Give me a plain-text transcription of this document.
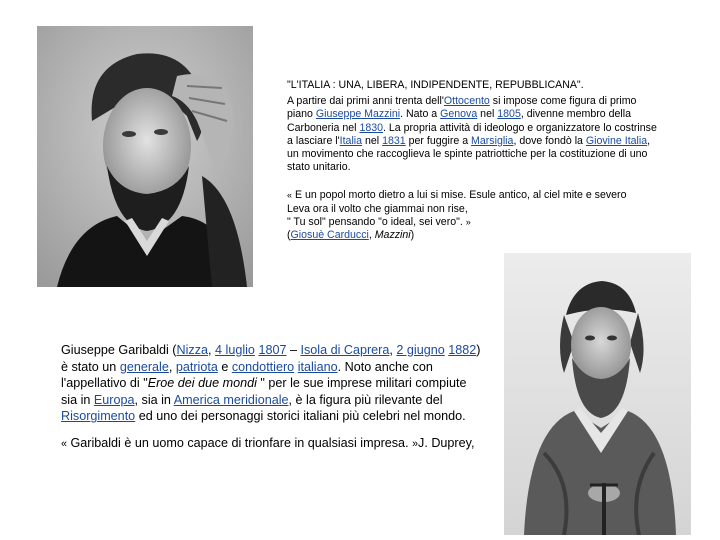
"L'ITALIA : UNA, LIBERA, INDIPENDENTE, REPUBBLICANA".

A partire dai primi anni trenta dell'Ottocento si impose come figura di primo piano Giuseppe Mazzini. Nato a Genova nel 1805, divenne membro della Carboneria nel 1830. La propria attività di ideologo e organizzatore lo costrinse a lasciare l'Italia nel 1831 per fuggire a Marsiglia, dove fondò la Giovine Italia, un movimento che raccoglieva le spinte patriottiche per la costituzione di uno stato unitario.

« E un popol morto dietro a lui si mise. Esule antico, al ciel mite e severo
Leva ora il volto che giammai non rise,
" Tu sol" pensando "o ideal, sei vero". »
(Giosuè Carducci, Mazzini)

Giuseppe Garibaldi (Nizza, 4 luglio 1807 – Isola di Caprera, 2 giugno 1882) è stato un generale, patriota e condottiero italiano. Noto anche con l'appellativo di "Eroe dei due mondi " per le sue imprese militari compiute sia in Europa, sia in America meridionale, è la figura più rilevante del Risorgimento ed uno dei personaggi storici italiani più celebri nel mondo.

« Garibaldi è un uomo capace di trionfare in qualsiasi impresa. »J. Duprey,
